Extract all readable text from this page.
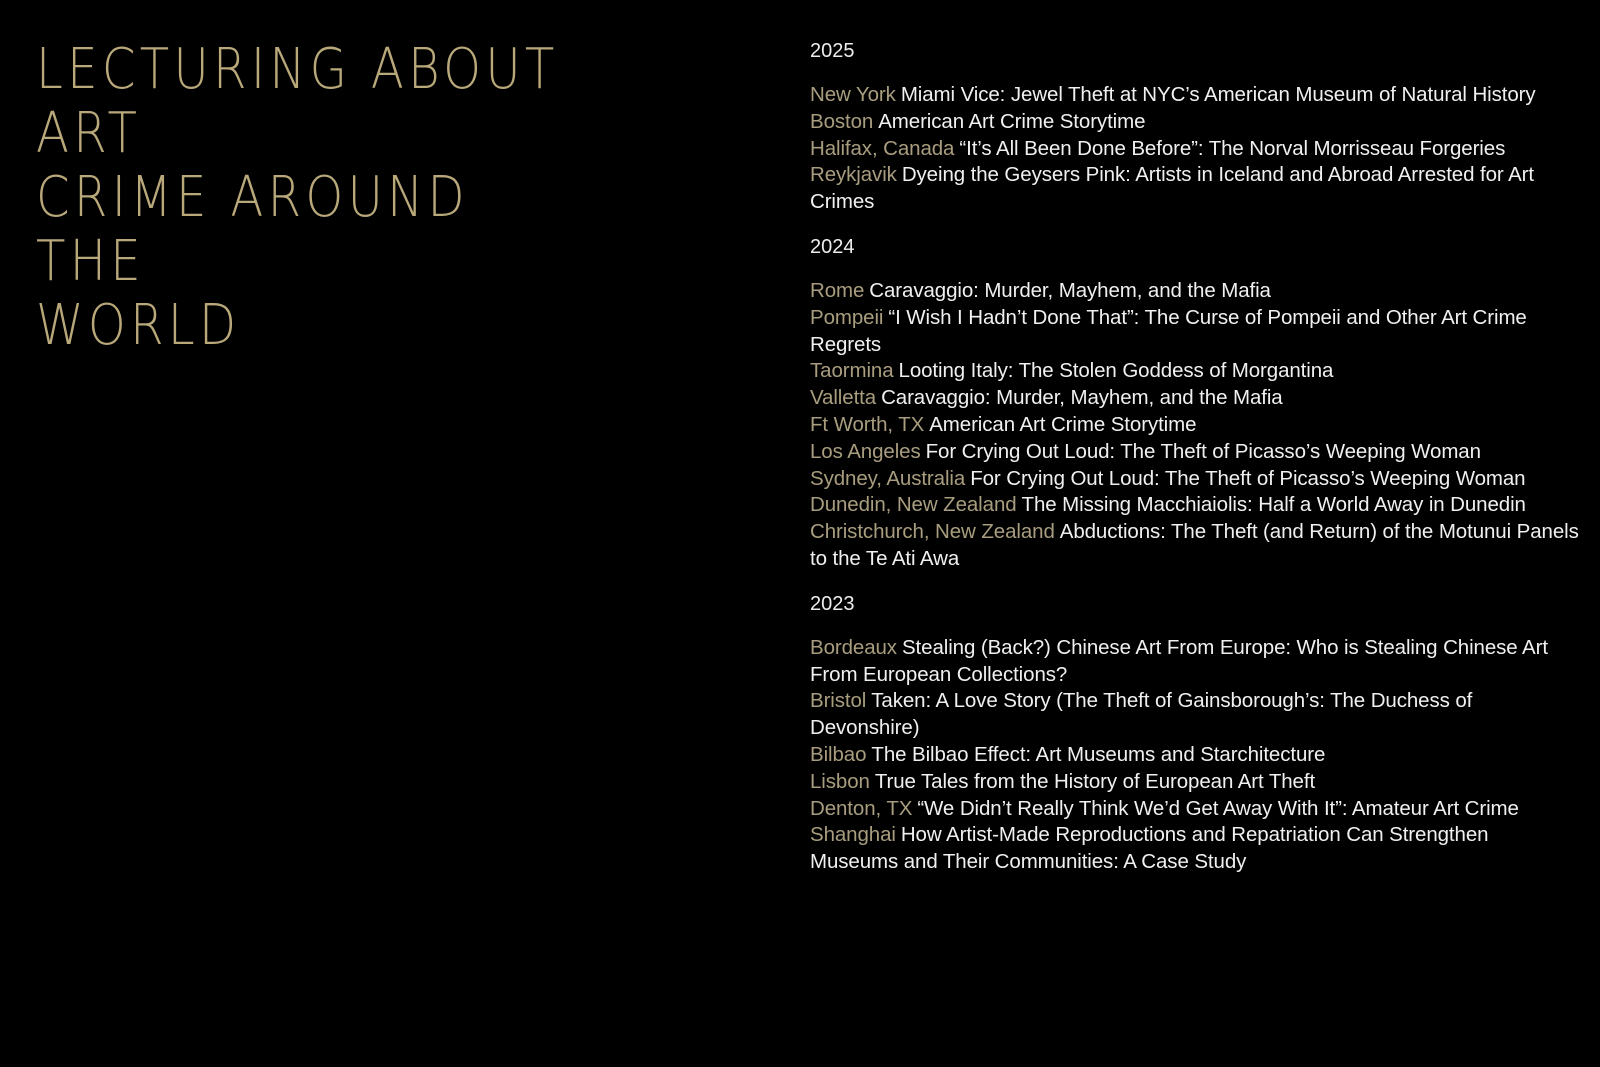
LECTURING ABOUT ART
CRIME AROUND THE
WORLD
2025

New York Miami Vice: Jewel Theft at NYC’s American Museum of Natural History

Boston American Art Crime Storytime

Halifax, Canada “It’s All Been Done Before”: The Norval Morrisseau Forgeries

Reykjavik Dyeing the Geysers Pink: Artists in Iceland and Abroad Arrested for Art Crimes

2024

Rome Caravaggio: Murder, Mayhem, and the Mafia

Pompeii “I Wish I Hadn’t Done That”: The Curse of Pompeii and Other Art Crime Regrets

Taormina Looting Italy: The Stolen Goddess of Morgantina

Valletta Caravaggio: Murder, Mayhem, and the Mafia

Ft Worth, TX American Art Crime Storytime

Los Angeles For Crying Out Loud: The Theft of Picasso’s Weeping Woman

Sydney, Australia For Crying Out Loud: The Theft of Picasso’s Weeping Woman

Dunedin, New Zealand The Missing Macchiaiolis: Half a World Away in Dunedin

Christchurch, New Zealand Abductions: The Theft (and Return) of the Motunui Panels to the Te Ati Awa

2023

Bordeaux Stealing (Back?) Chinese Art From Europe: Who is Stealing Chinese Art From European Collections?

Bristol Taken: A Love Story (The Theft of Gainsborough’s: The Duchess of Devonshire)

Bilbao The Bilbao Effect: Art Museums and Starchitecture

Lisbon True Tales from the History of European Art Theft

Denton, TX “We Didn’t Really Think We’d Get Away With It”: Amateur Art Crime

Shanghai How Artist-Made Reproductions and Repatriation Can Strengthen Museums and Their Communities: A Case Study
